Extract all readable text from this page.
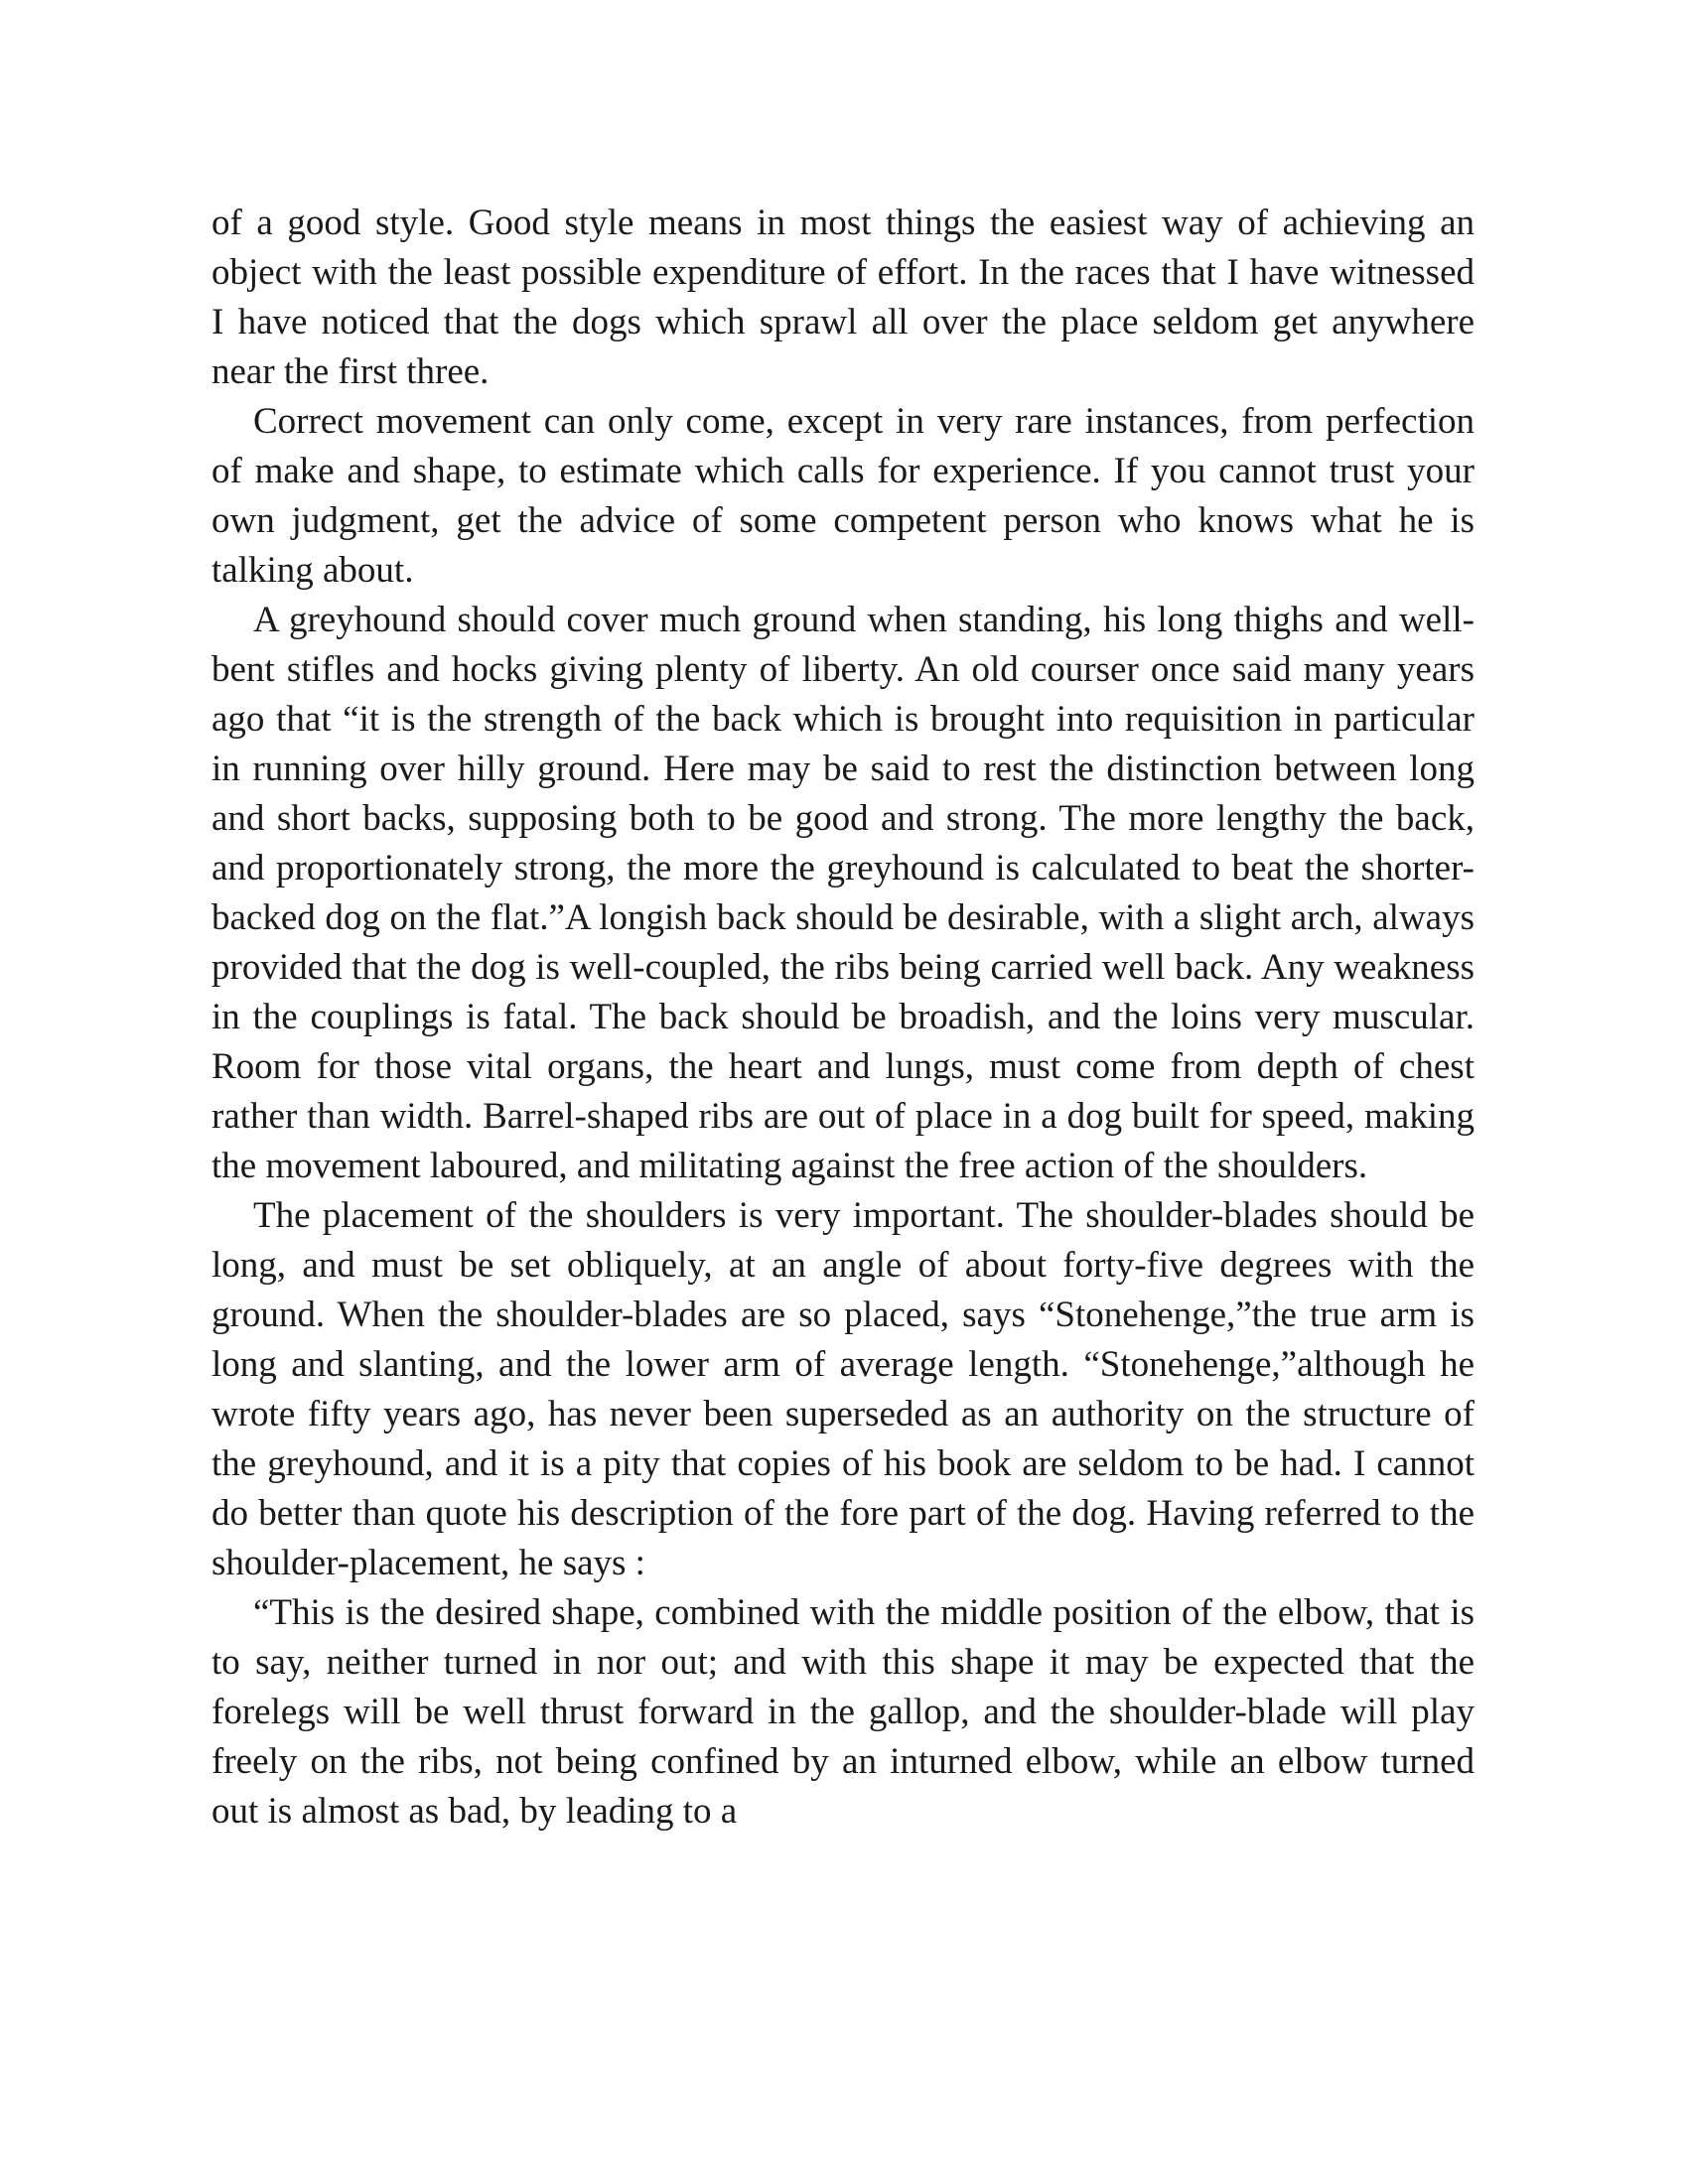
of a good style. Good style means in most things the easiest way of achieving an object with the least possible expenditure of effort. In the races that I have witnessed I have noticed that the dogs which sprawl all over the place seldom get anywhere near the first three.

Correct movement can only come, except in very rare instances, from perfection of make and shape, to estimate which calls for experience. If you cannot trust your own judgment, get the advice of some competent person who knows what he is talking about.

A greyhound should cover much ground when standing, his long thighs and well-bent stifles and hocks giving plenty of liberty. An old courser once said many years ago that “it is the strength of the back which is brought into requisition in particular in running over hilly ground. Here may be said to rest the distinction between long and short backs, supposing both to be good and strong. The more lengthy the back, and proportionately strong, the more the greyhound is calculated to beat the shorter-backed dog on the flat.”A longish back should be desirable, with a slight arch, always provided that the dog is well-coupled, the ribs being carried well back. Any weakness in the couplings is fatal. The back should be broadish, and the loins very muscular. Room for those vital organs, the heart and lungs, must come from depth of chest rather than width. Barrel-shaped ribs are out of place in a dog built for speed, making the movement laboured, and militating against the free action of the shoulders.

The placement of the shoulders is very important. The shoulder-blades should be long, and must be set obliquely, at an angle of about forty-five degrees with the ground. When the shoulder-blades are so placed, says “Stonehenge,”the true arm is long and slanting, and the lower arm of average length. “Stonehenge,”although he wrote fifty years ago, has never been superseded as an authority on the structure of the greyhound, and it is a pity that copies of his book are seldom to be had. I cannot do better than quote his description of the fore part of the dog. Having referred to the shoulder-placement, he says :

“This is the desired shape, combined with the middle position of the elbow, that is to say, neither turned in nor out; and with this shape it may be expected that the forelegs will be well thrust forward in the gallop, and the shoulder-blade will play freely on the ribs, not being confined by an inturned elbow, while an elbow turned out is almost as bad, by leading to a
